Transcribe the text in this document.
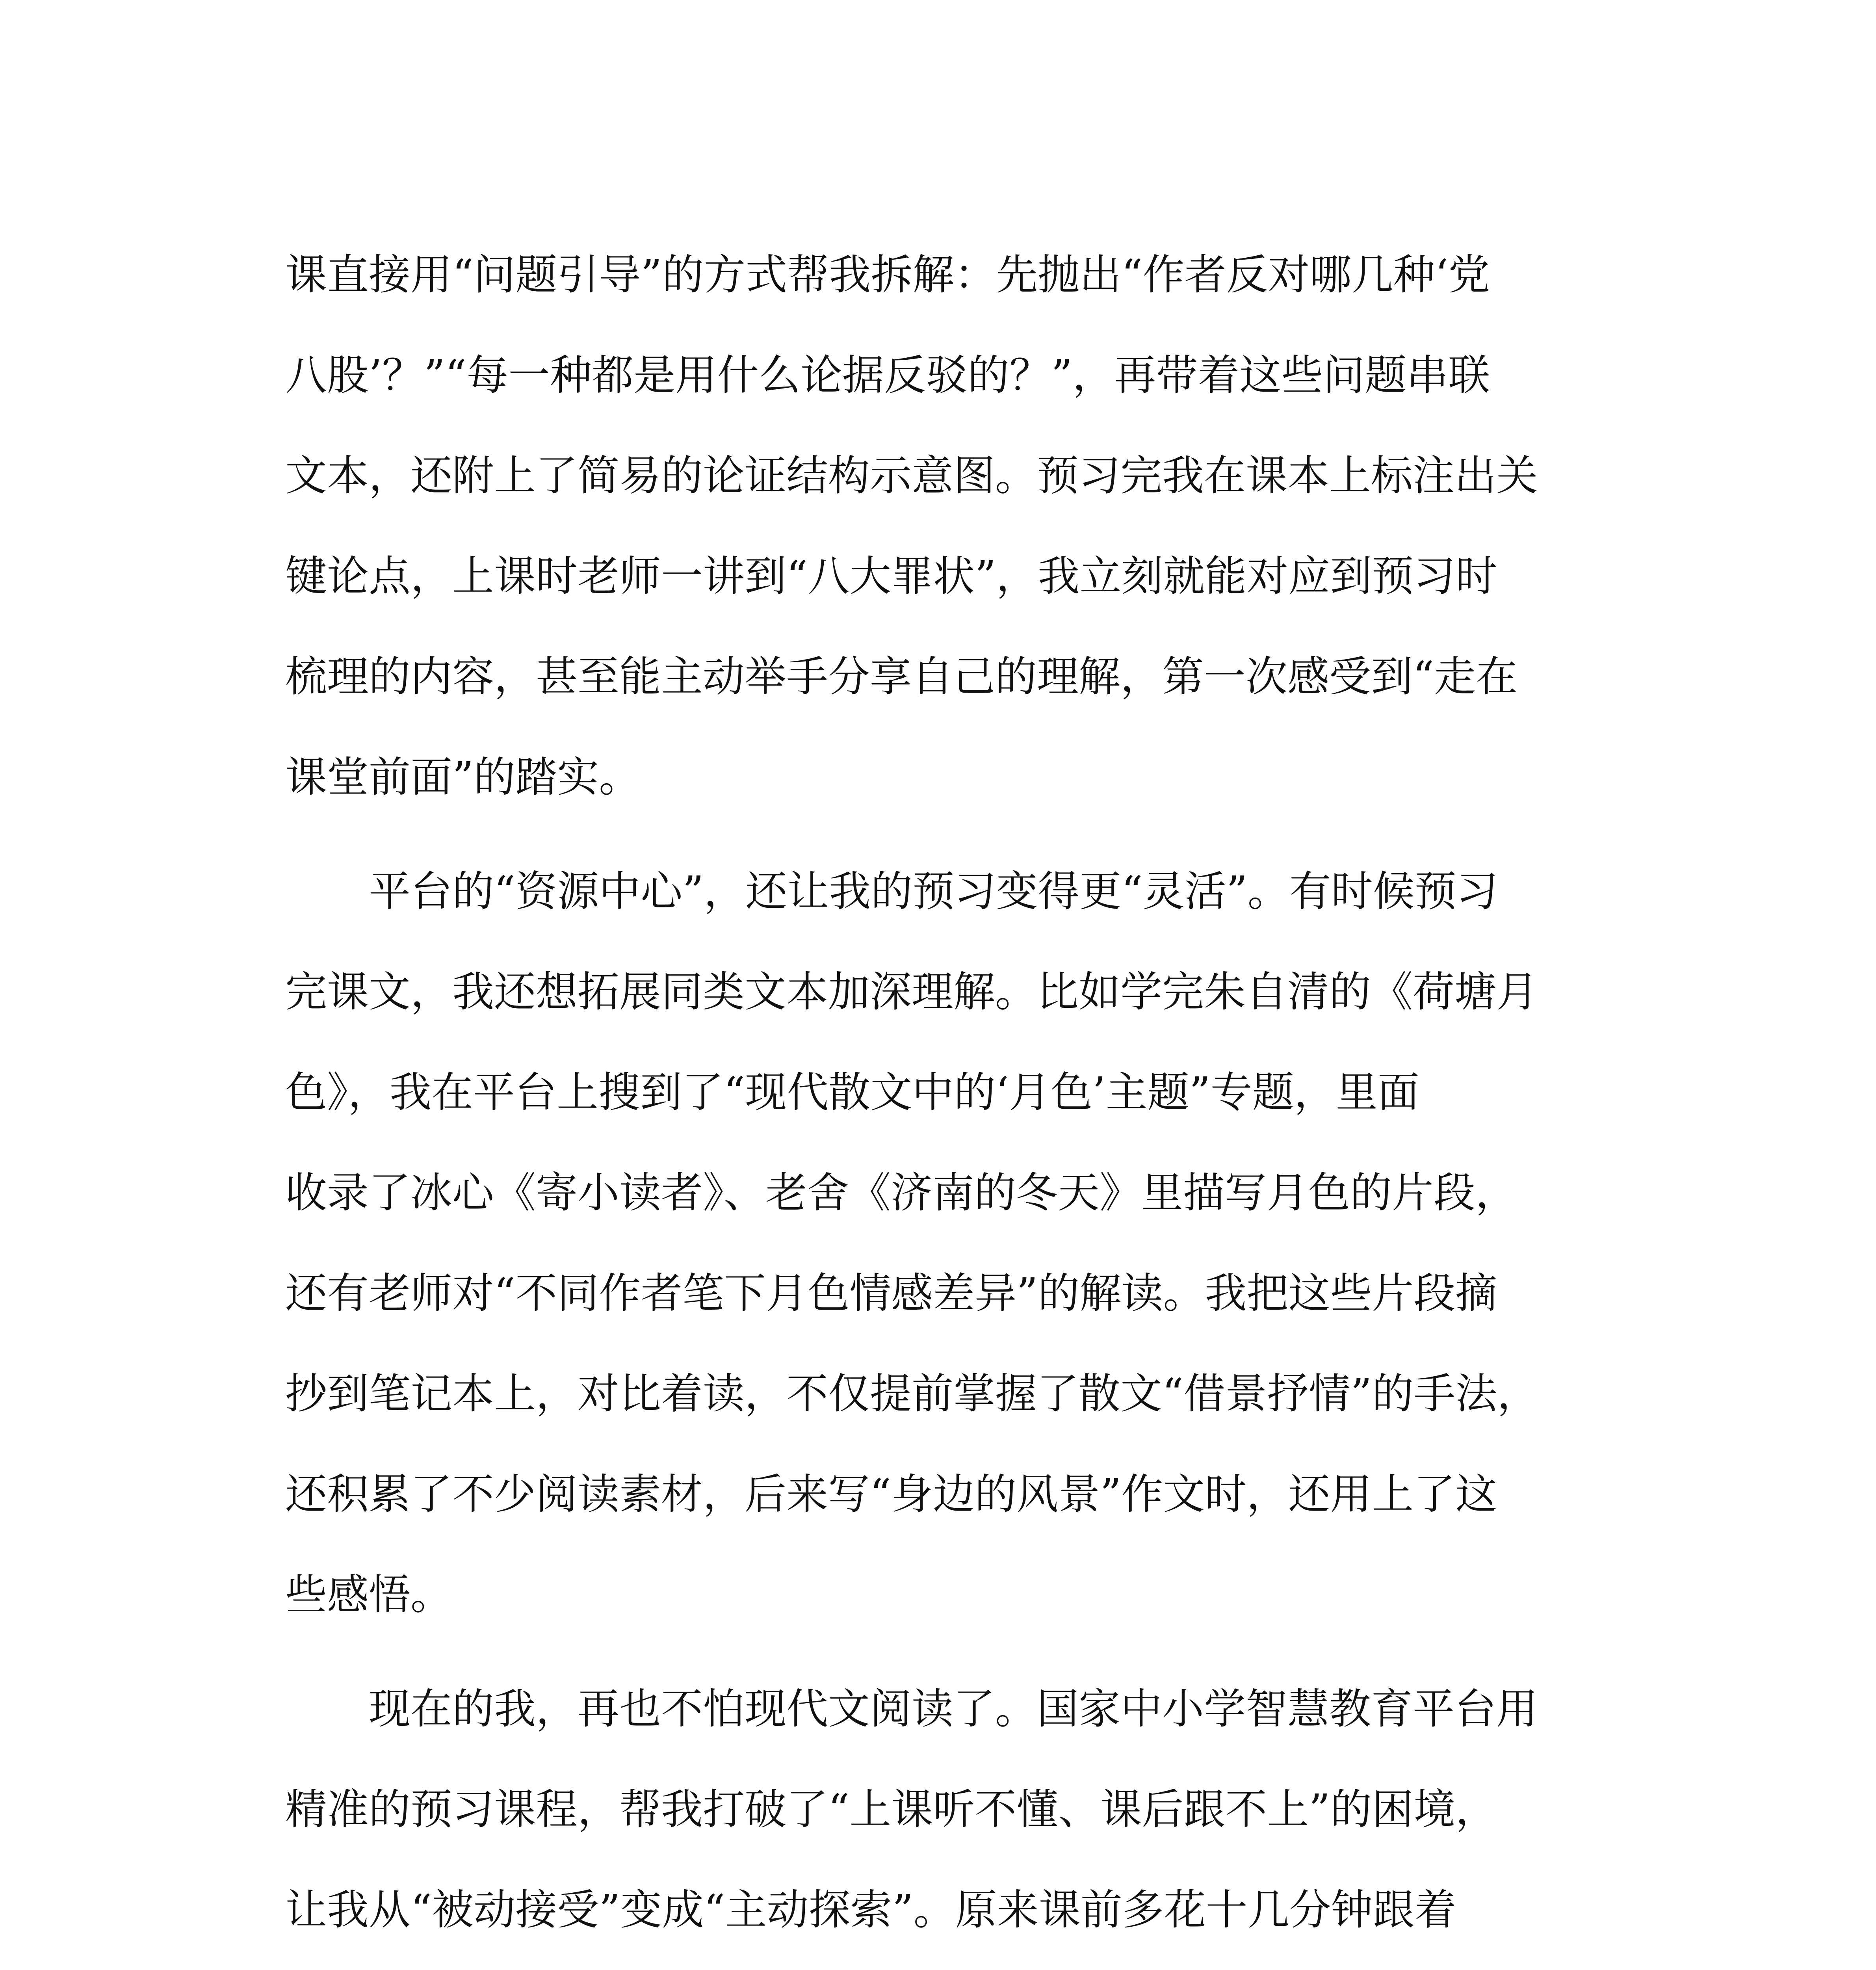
课直接用“问题引导”的方式帮我拆解：先抛出“作者反对哪几种‘党
八股’？”“每一种都是用什么论据反驳的？”，再带着这些问题串联
文本，还附上了简易的论证结构示意图。预习完我在课本上标注出关
键论点，上课时老师一讲到“八大罪状”，我立刻就能对应到预习时
梳理的内容，甚至能主动举手分享自己的理解，第一次感受到“走在
课堂前面”的踏实。
　　平台的“资源中心”，还让我的预习变得更“灵活”。有时候预习
完课文，我还想拓展同类文本加深理解。比如学完朱自清的《荷塘月
色》，我在平台上搜到了“现代散文中的‘月色’主题”专题，里面
收录了冰心《寄小读者》、老舍《济南的冬天》里描写月色的片段，
还有老师对“不同作者笔下月色情感差异”的解读。我把这些片段摘
抄到笔记本上，对比着读，不仅提前掌握了散文“借景抒情”的手法，
还积累了不少阅读素材，后来写“身边的风景”作文时，还用上了这
些感悟。
　　现在的我，再也不怕现代文阅读了。国家中小学智慧教育平台用
精准的预习课程，帮我打破了“上课听不懂、课后跟不上”的困境，
让我从“被动接受”变成“主动探索”。原来课前多花十几分钟跟着
